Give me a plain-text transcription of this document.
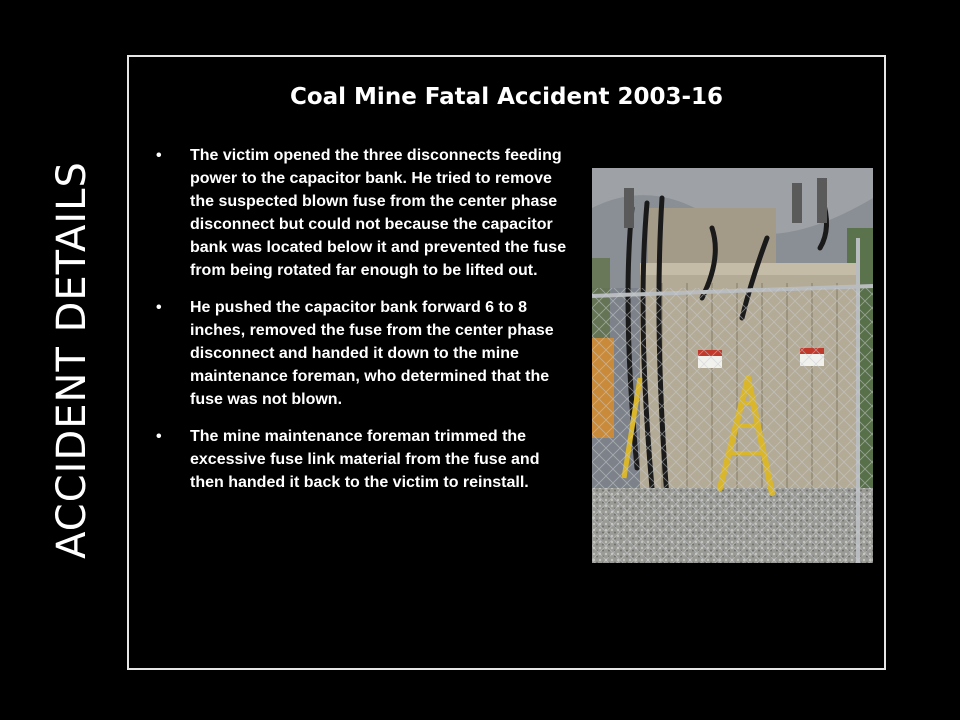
ACCIDENT DETAILS
Coal Mine Fatal Accident 2003-16
• The victim opened the three disconnects feeding power to the capacitor bank. He tried to remove the suspected blown fuse from the center phase disconnect but could not because the capacitor bank was located below it and prevented the fuse from being rotated far enough to be lifted out.
• He pushed the capacitor bank forward 6 to 8 inches, removed the fuse from the center phase disconnect and handed it down to the mine maintenance foreman, who determined that the fuse was not blown.
• The mine maintenance foreman trimmed the excessive fuse link material from the fuse and then handed it back to the victim to reinstall.
